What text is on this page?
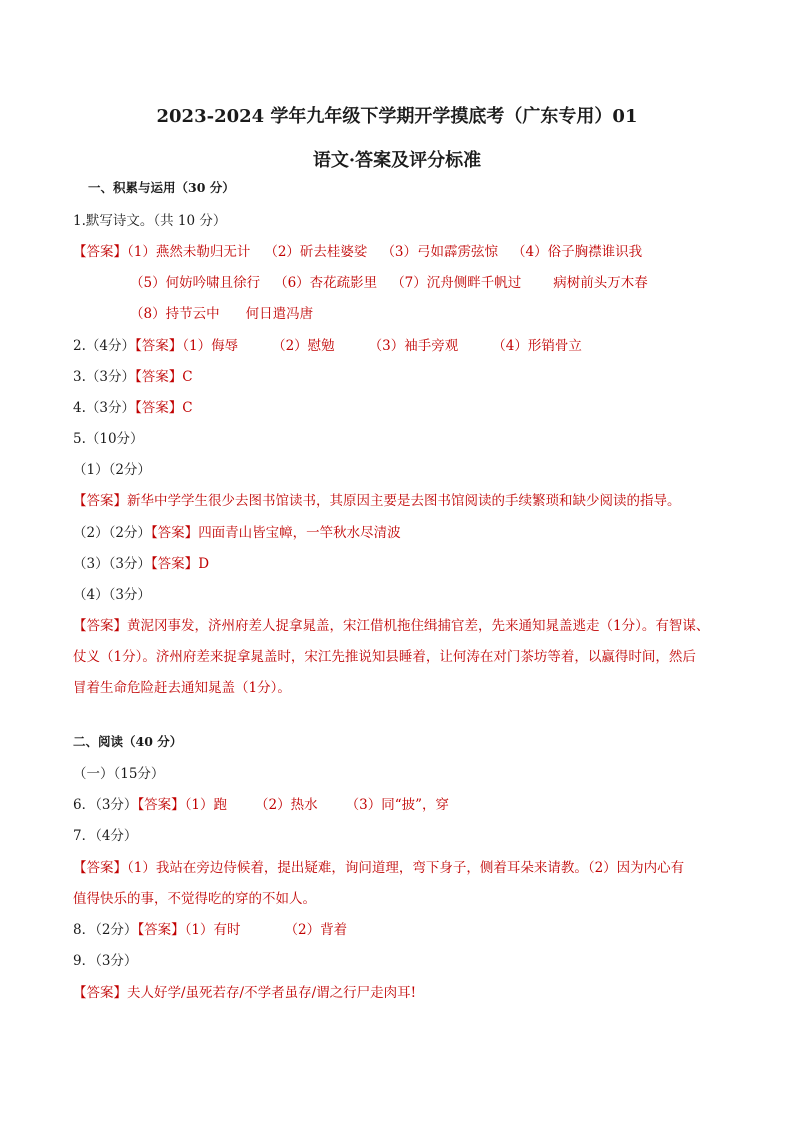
2023-2024 学年九年级下学期开学摸底考（广东专用）01
语文·答案及评分标准
一、积累与运用（30 分）
1.默写诗文。（共 10 分）
【答案】（1）燕然未勒归无计 （2）斫去桂婆娑 （3）弓如霹雳弦惊 （4）俗子胸襟谁识我
（5）何妨吟啸且徐行 （6）杏花疏影里 （7）沉舟侧畔千帆过 病树前头万木春
（8）持节云中 何日遣冯唐
2.（4分）【答案】（1）侮辱	（2）慰勉	（3）袖手旁观	（4）形销骨立
3.（3分）【答案】C
4.（3分）【答案】C
5.（10分）
（1）（2分）
【答案】新华中学学生很少去图书馆读书，其原因主要是去图书馆阅读的手续繁琐和缺少阅读的指导。
（2）（2分）【答案】四面青山皆宝幛，一竿秋水尽清波
（3）（3分）【答案】D
（4）（3分）
【答案】黄泥冈事发，济州府差人捉拿晁盖，宋江借机拖住缉捕官差，先来通知晁盖逃走（1分）。有智谋、
仗义（1分）。济州府差来捉拿晁盖时，宋江先推说知县睡着，让何涛在对门茶坊等着，以赢得时间，然后
冒着生命危险赶去通知晁盖（1分）。
二、阅读（40 分）
（一）（15分）
6．（3分）【答案】（1）跑 （2）热水 （3）同“披”，穿
7．（4分）
【答案】（1）我站在旁边侍候着，提出疑难，询问道理，弯下身子，侧着耳朵来请教。（2）因为内心有
值得快乐的事，不觉得吃的穿的不如人。
8．（2分）【答案】（1）有时	（2）背着
9．（3分）
【答案】夫人好学/虽死若存/不学者虽存/谓之行尸走肉耳!
